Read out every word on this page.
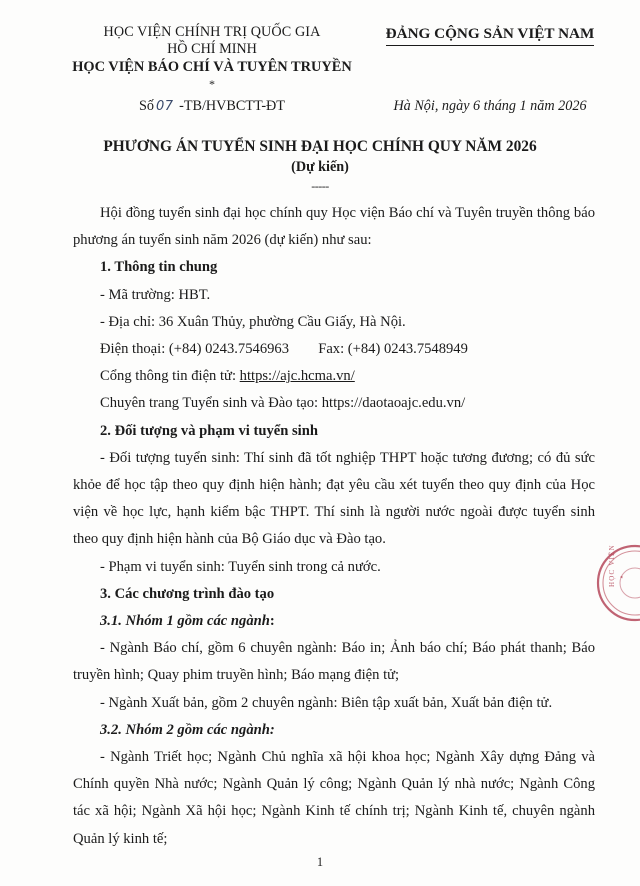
HỌC VIỆN CHÍNH TRỊ QUỐC GIA
HỒ CHÍ MINH
HỌC VIỆN BÁO CHÍ VÀ TUYÊN TRUYỀN
*
Số 07 -TB/HVBCTT-ĐT
ĐẢNG CỘNG SẢN VIỆT NAM
Hà Nội, ngày 6 tháng 1 năm 2026
PHƯƠNG ÁN TUYỂN SINH ĐẠI HỌC CHÍNH QUY NĂM 2026
(Dự kiến)
-----

Hội đồng tuyển sinh đại học chính quy Học viện Báo chí và Tuyên truyền thông báo phương án tuyển sinh năm 2026 (dự kiến) như sau:

1. Thông tin chung

- Mã trường: HBT.

- Địa chỉ: 36 Xuân Thủy, phường Cầu Giấy, Hà Nội.

Điện thoại: (+84) 0243.7546963 Fax: (+84) 0243.7548949

Cổng thông tin điện tử: https://ajc.hcma.vn/

Chuyên trang Tuyển sinh và Đào tạo: https://daotaoajc.edu.vn/

2. Đối tượng và phạm vi tuyển sinh

- Đối tượng tuyển sinh: Thí sinh đã tốt nghiệp THPT hoặc tương đương; có đủ sức khỏe để học tập theo quy định hiện hành; đạt yêu cầu xét tuyển theo quy định của Học viện về học lực, hạnh kiểm bậc THPT. Thí sinh là người nước ngoài được tuyển sinh theo quy định hiện hành của Bộ Giáo dục và Đào tạo.

- Phạm vi tuyển sinh: Tuyển sinh trong cả nước.

3. Các chương trình đào tạo

3.1. Nhóm 1 gồm các ngành:

- Ngành Báo chí, gồm 6 chuyên ngành: Báo in; Ảnh báo chí; Báo phát thanh; Báo truyền hình; Quay phim truyền hình; Báo mạng điện tử;

- Ngành Xuất bản, gồm 2 chuyên ngành: Biên tập xuất bản, Xuất bản điện tử.

3.2. Nhóm 2 gồm các ngành:

- Ngành Triết học; Ngành Chủ nghĩa xã hội khoa học; Ngành Xây dựng Đảng và Chính quyền Nhà nước; Ngành Quản lý công; Ngành Quản lý nhà nước; Ngành Công tác xã hội; Ngành Xã hội học; Ngành Kinh tế chính trị; Ngành Kinh tế, chuyên ngành Quản lý kinh tế;

HỌC VIỆN
1
